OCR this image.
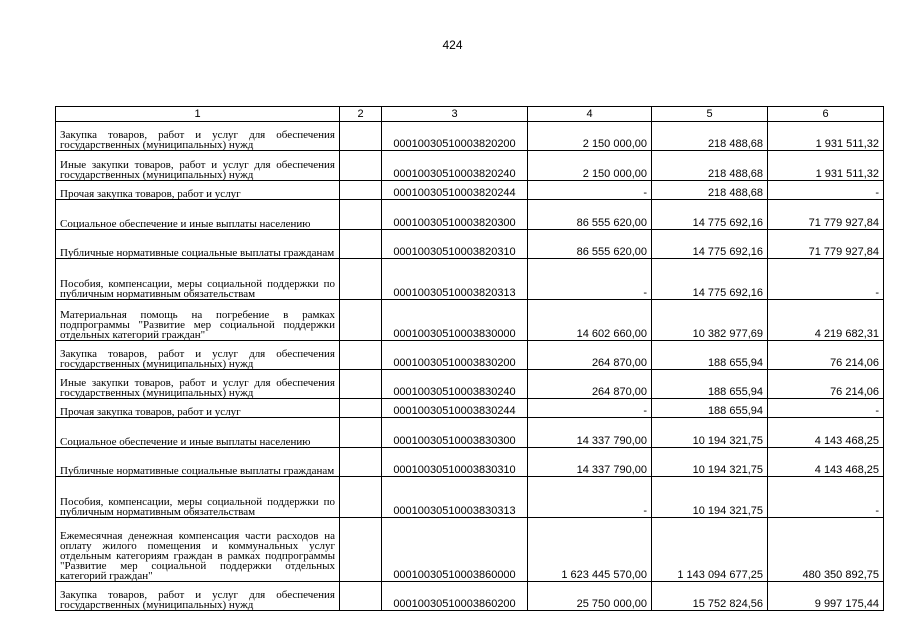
424
1	2	3	4	5	6
Закупка товаров, работ и услуг для обеспечения государственных (муниципальных) нужд		00010030510003820200	2 150 000,00	218 488,68	1 931 511,32
Иные закупки товаров, работ и услуг для обеспечения государственных (муниципальных) нужд		00010030510003820240	2 150 000,00	218 488,68	1 931 511,32
Прочая закупка товаров, работ и услуг		00010030510003820244	-	218 488,68	-
Социальное обеспечение и иные выплаты населению		00010030510003820300	86 555 620,00	14 775 692,16	71 779 927,84
Публичные нормативные социальные выплаты гражданам		00010030510003820310	86 555 620,00	14 775 692,16	71 779 927,84
Пособия, компенсации, меры социальной поддержки по публичным нормативным обязательствам		00010030510003820313	-	14 775 692,16	-
Материальная помощь на погребение в рамках подпрограммы "Развитие мер социальной поддержки отдельных категорий граждан"		00010030510003830000	14 602 660,00	10 382 977,69	4 219 682,31
Закупка товаров, работ и услуг для обеспечения государственных (муниципальных) нужд		00010030510003830200	264 870,00	188 655,94	76 214,06
Иные закупки товаров, работ и услуг для обеспечения государственных (муниципальных) нужд		00010030510003830240	264 870,00	188 655,94	76 214,06
Прочая закупка товаров, работ и услуг		00010030510003830244	-	188 655,94	-
Социальное обеспечение и иные выплаты населению		00010030510003830300	14 337 790,00	10 194 321,75	4 143 468,25
Публичные нормативные социальные выплаты гражданам		00010030510003830310	14 337 790,00	10 194 321,75	4 143 468,25
Пособия, компенсации, меры социальной поддержки по публичным нормативным обязательствам		00010030510003830313	-	10 194 321,75	-
Ежемесячная денежная компенсация части расходов на оплату жилого помещения и коммунальных услуг отдельным категориям граждан в рамках подпрограммы "Развитие мер социальной поддержки отдельных категорий граждан"		00010030510003860000	1 623 445 570,00	1 143 094 677,25	480 350 892,75
Закупка товаров, работ и услуг для обеспечения государственных (муниципальных) нужд		00010030510003860200	25 750 000,00	15 752 824,56	9 997 175,44
